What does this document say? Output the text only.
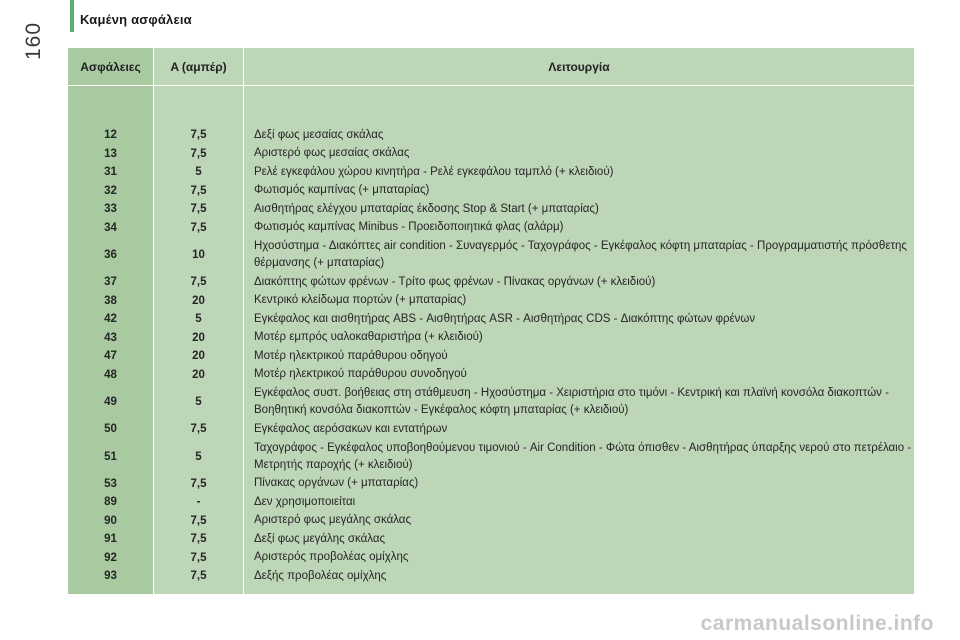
Καμένη ασφάλεια
160
Ασφάλειες	A (αμπέρ)	Λειτουργία
12
13
31
32
33
34
36
37
38
42
43
47
48
49
50
51
53
89
90
91
92
93
7,5
7,5
5
7,5
7,5
7,5
10
7,5
20
5
20
20
20
5
7,5
5
7,5
-
7,5
7,5
7,5
7,5
Δεξί φως μεσαίας σκάλας
Αριστερό φως μεσαίας σκάλας
Ρελέ εγκεφάλου χώρου κινητήρα - Ρελέ εγκεφάλου ταμπλό (+ κλειδιού)
Φωτισμός καμπίνας (+ μπαταρίας)
Αισθητήρας ελέγχου μπαταρίας έκδοσης Stop & Start (+ μπαταρίας)
Φωτισμός καμπίνας Minibus - Προειδοποιητικά φλας (αλάρμ)
Ηχοσύστημα - Διακόπτες air condition - Συναγερμός - Ταχογράφος - Εγκέφαλος κόφτη μπαταρίας - Προγραμματιστής πρόσθετης θέρμανσης (+ μπαταρίας)
Διακόπτης φώτων φρένων - Τρίτο φως φρένων - Πίνακας οργάνων (+ κλειδιού)
Κεντρικό κλείδωμα πορτών (+ μπαταρίας)
Εγκέφαλος και αισθητήρας ABS - Αισθητήρας ASR - Αισθητήρας CDS - Διακόπτης φώτων φρένων
Μοτέρ εμπρός υαλοκαθαριστήρα (+ κλειδιού)
Μοτέρ ηλεκτρικού παράθυρου οδηγού
Μοτέρ ηλεκτρικού παράθυρου συνοδηγού
Εγκέφαλος συστ. βοήθειας στη στάθμευση - Ηχοσύστημα - Χειριστήρια στο τιμόνι - Κεντρική και πλαϊνή κονσόλα διακοπτών - Βοηθητική κονσόλα διακοπτών - Εγκέφαλος κόφτη μπαταρίας (+ κλειδιού)
Εγκέφαλος αερόσακων και εντατήρων
Ταχογράφος - Εγκέφαλος υποβοηθούμενου τιμονιού - Air Condition - Φώτα όπισθεν - Αισθητήρας ύπαρξης νερού στο πετρέλαιο - Μετρητής παροχής (+ κλειδιού)
Πίνακας οργάνων (+ μπαταρίας)
Δεν χρησιμοποιείται
Αριστερό φως μεγάλης σκάλας
Δεξί φως μεγάλης σκάλας
Αριστερός προβολέας ομίχλης
Δεξής προβολέας ομίχλης
carmanualsonline.info
